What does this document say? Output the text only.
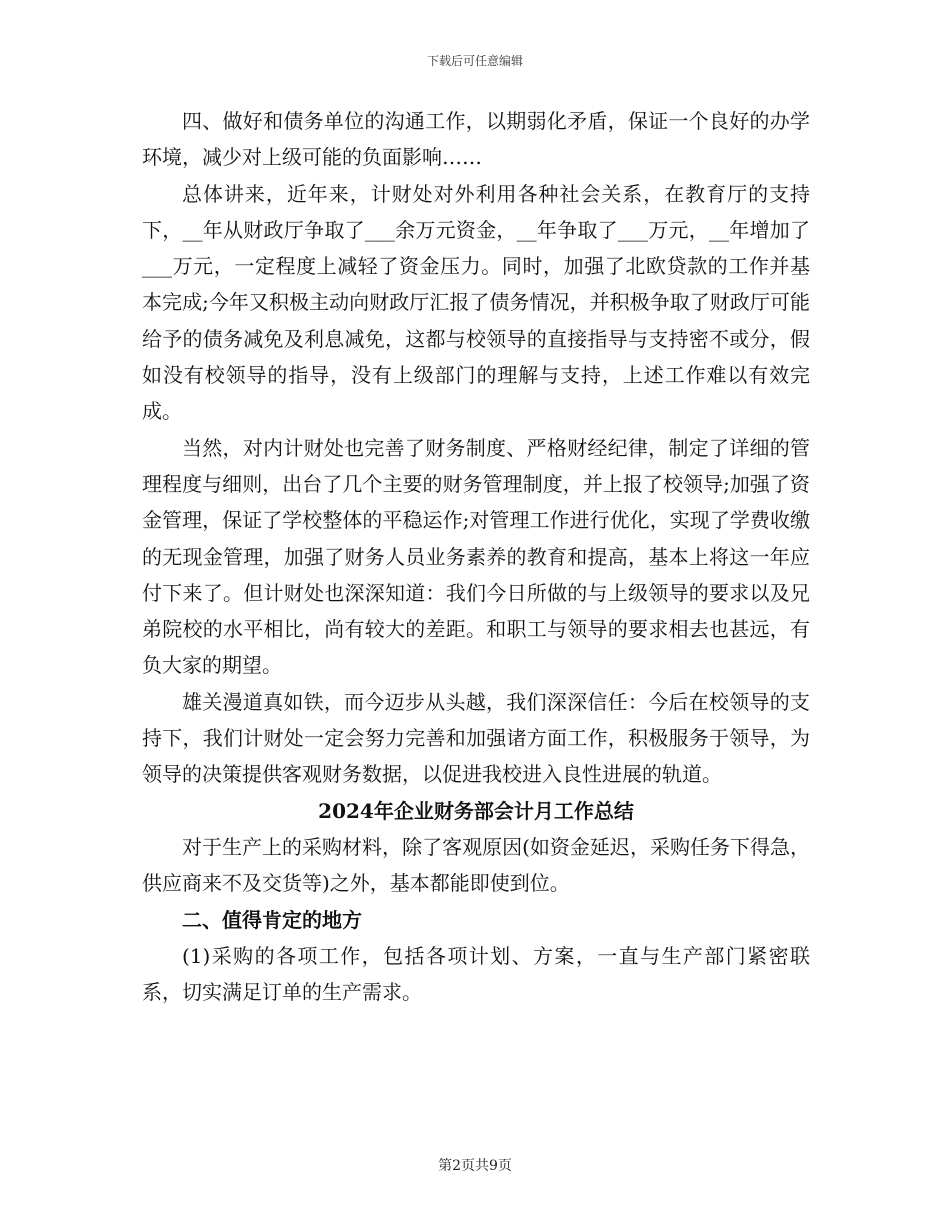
下载后可任意编辑

四、做好和债务单位的沟通工作，以期弱化矛盾，保证一个良好的办学环境，减少对上级可能的负面影响……

总体讲来，近年来，计财处对外利用各种社会关系，在教育厅的支持下，__年从财政厅争取了___余万元资金，__年争取了___万元，__年增加了___万元，一定程度上减轻了资金压力。同时，加强了北欧贷款的工作并基本完成;今年又积极主动向财政厅汇报了债务情况，并积极争取了财政厅可能给予的债务减免及利息减免，这都与校领导的直接指导与支持密不或分，假如没有校领导的指导，没有上级部门的理解与支持，上述工作难以有效完成。

当然，对内计财处也完善了财务制度、严格财经纪律，制定了详细的管理程度与细则，出台了几个主要的财务管理制度，并上报了校领导;加强了资金管理，保证了学校整体的平稳运作;对管理工作进行优化，实现了学费收缴的无现金管理，加强了财务人员业务素养的教育和提高，基本上将这一年应付下来了。但计财处也深深知道：我们今日所做的与上级领导的要求以及兄弟院校的水平相比，尚有较大的差距。和职工与领导的要求相去也甚远，有负大家的期望。

雄关漫道真如铁，而今迈步从头越，我们深深信任：今后在校领导的支持下，我们计财处一定会努力完善和加强诸方面工作，积极服务于领导，为领导的决策提供客观财务数据，以促进我校进入良性进展的轨道。

2024年企业财务部会计月工作总结

对于生产上的采购材料，除了客观原因(如资金延迟，采购任务下得急，供应商来不及交货等)之外，基本都能即使到位。

二、值得肯定的地方

(1)采购的各项工作，包括各项计划、方案，一直与生产部门紧密联系，切实满足订单的生产需求。

第2页共9页
